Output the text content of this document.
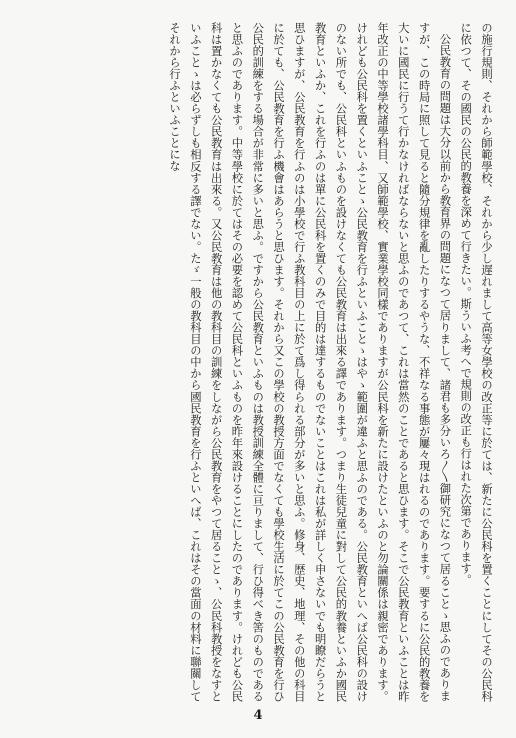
の施行規則、それから師範學校、それから少し遅れまして高等女學校の改正等に於ては、新たに公民科を置くことにしてその公民科に依つて、その國民の公民的教養を深めて行きたい。斯ういふ考へで規則の改正も行はれた次第であります。

公民教育の問題は大分以前から教育界の問題になつて居りまして、諸君も多分いろ〳〵御研究になつて居ることゝ思ふのでありますが、この時局に照して見ると隨分規律を亂したりするやうな、不祥なる事態が屢々現はれるのであります。要するに公民的教養を大いに國民に行うて行かなければならないと思ふのであつて、これは當然のことであると思ひます。そこで公民教育といふことは昨年改正の中等學校諸學科目、又師範學校、實業學校同樣でありますが公民科を新たに設けたといふのと勿論關係は親密であります。けれども公民科を置くといふことゝ公民教育を行ふといふことゝはやゝ範圍が違ふと思ふのである。公民教育といへば公民科の設けのない所でも、公民科といふものを設けなくても公民教育は出來る譯であります。つまり生徒兒童に對して公民的教養といふか國民教育といふか、これを行ふのは單に公民科を置くのみで目的は達するものでないことはこれは私が詳しく申さないでも明瞭だらうと思ひますが、公民教育を行ふのは小學校で行ふ教科目の上に於て爲し得られる部分が多いと思ふ。修身、歴史、地理、その他の科目に於ても、公民教育を行ふ機會はあらうと思ひます。それから又この學校の教授方面でなくても學校生活に於てこの公民教育を行ひ公民的訓練をする場合が非常に多いと思ふ。ですから公民教育といふものは教授訓練全體に亘りまして、行ひ得べき筈のものであると思ふのであります。中等學校に於てはその必要を認めて公民科といふものを昨年來設けることにしたのであります。けれども公民科は置かなくても公民教育は出來る。又公民教育は他の教科目の訓練をしながら公民教育をやつて居ることゝ、公民科教授をなすといふことゝは必らずしも相反する譯でない。たゞ一般の教科目の中から國民教育を行ふといへば、これはその當面の材料に聯關してそれから行ふといふことにな

4
